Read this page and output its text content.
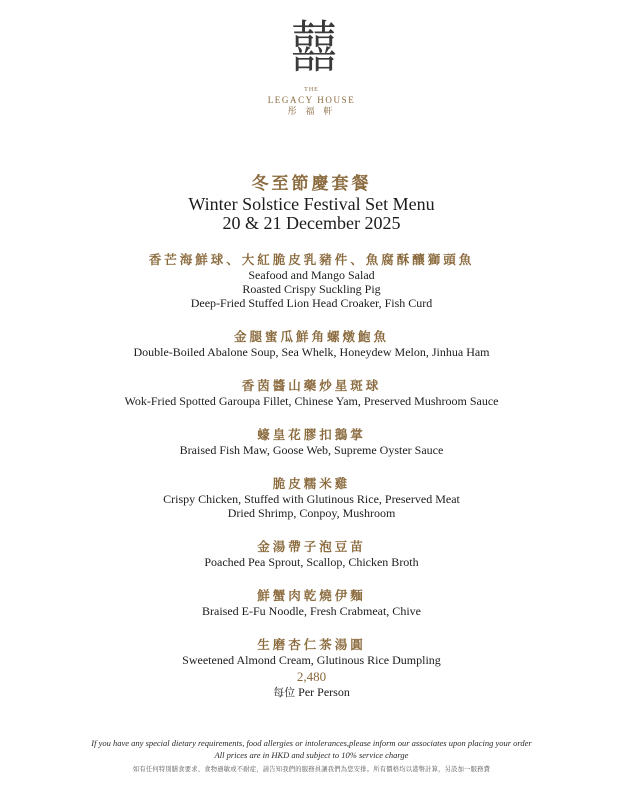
囍
THE
LEGACY HOUSE
彤 福 軒
冬至節慶套餐
Winter Solstice Festival Set Menu
20 & 21 December 2025
香芒海鮮球、大紅脆皮乳豬件、魚腐酥釀獅頭魚
Seafood and Mango Salad
Roasted Crispy Suckling Pig
Deep-Fried Stuffed Lion Head Croaker, Fish Curd
金腿蜜瓜鮮角螺燉鮑魚
Double-Boiled Abalone Soup, Sea Whelk, Honeydew Melon, Jinhua Ham
香茵醬山藥炒星斑球
Wok-Fried Spotted Garoupa Fillet, Chinese Yam, Preserved Mushroom Sauce
蠔皇花膠扣鵝掌
Braised Fish Maw, Goose Web, Supreme Oyster Sauce
脆皮糯米雞
Crispy Chicken, Stuffed with Glutinous Rice, Preserved Meat
Dried Shrimp, Conpoy, Mushroom
金湯帶子泡豆苗
Poached Pea Sprout, Scallop, Chicken Broth
鮮蟹肉乾燒伊麵
Braised E-Fu Noodle, Fresh Crabmeat, Chive
生磨杏仁茶湯圓
Sweetened Almond Cream, Glutinous Rice Dumpling
2,480
每位 Per Person
If you have any special dietary requirements, food allergies or intolerances,please inform our associates upon placing your order
All prices are in HKD and subject to 10% service charge
如有任何特別膳食要求、食物過敏或不耐症，請告知我們的服務員讓我們為您安排。所有價格均以港幣計算，另設加一服務費
